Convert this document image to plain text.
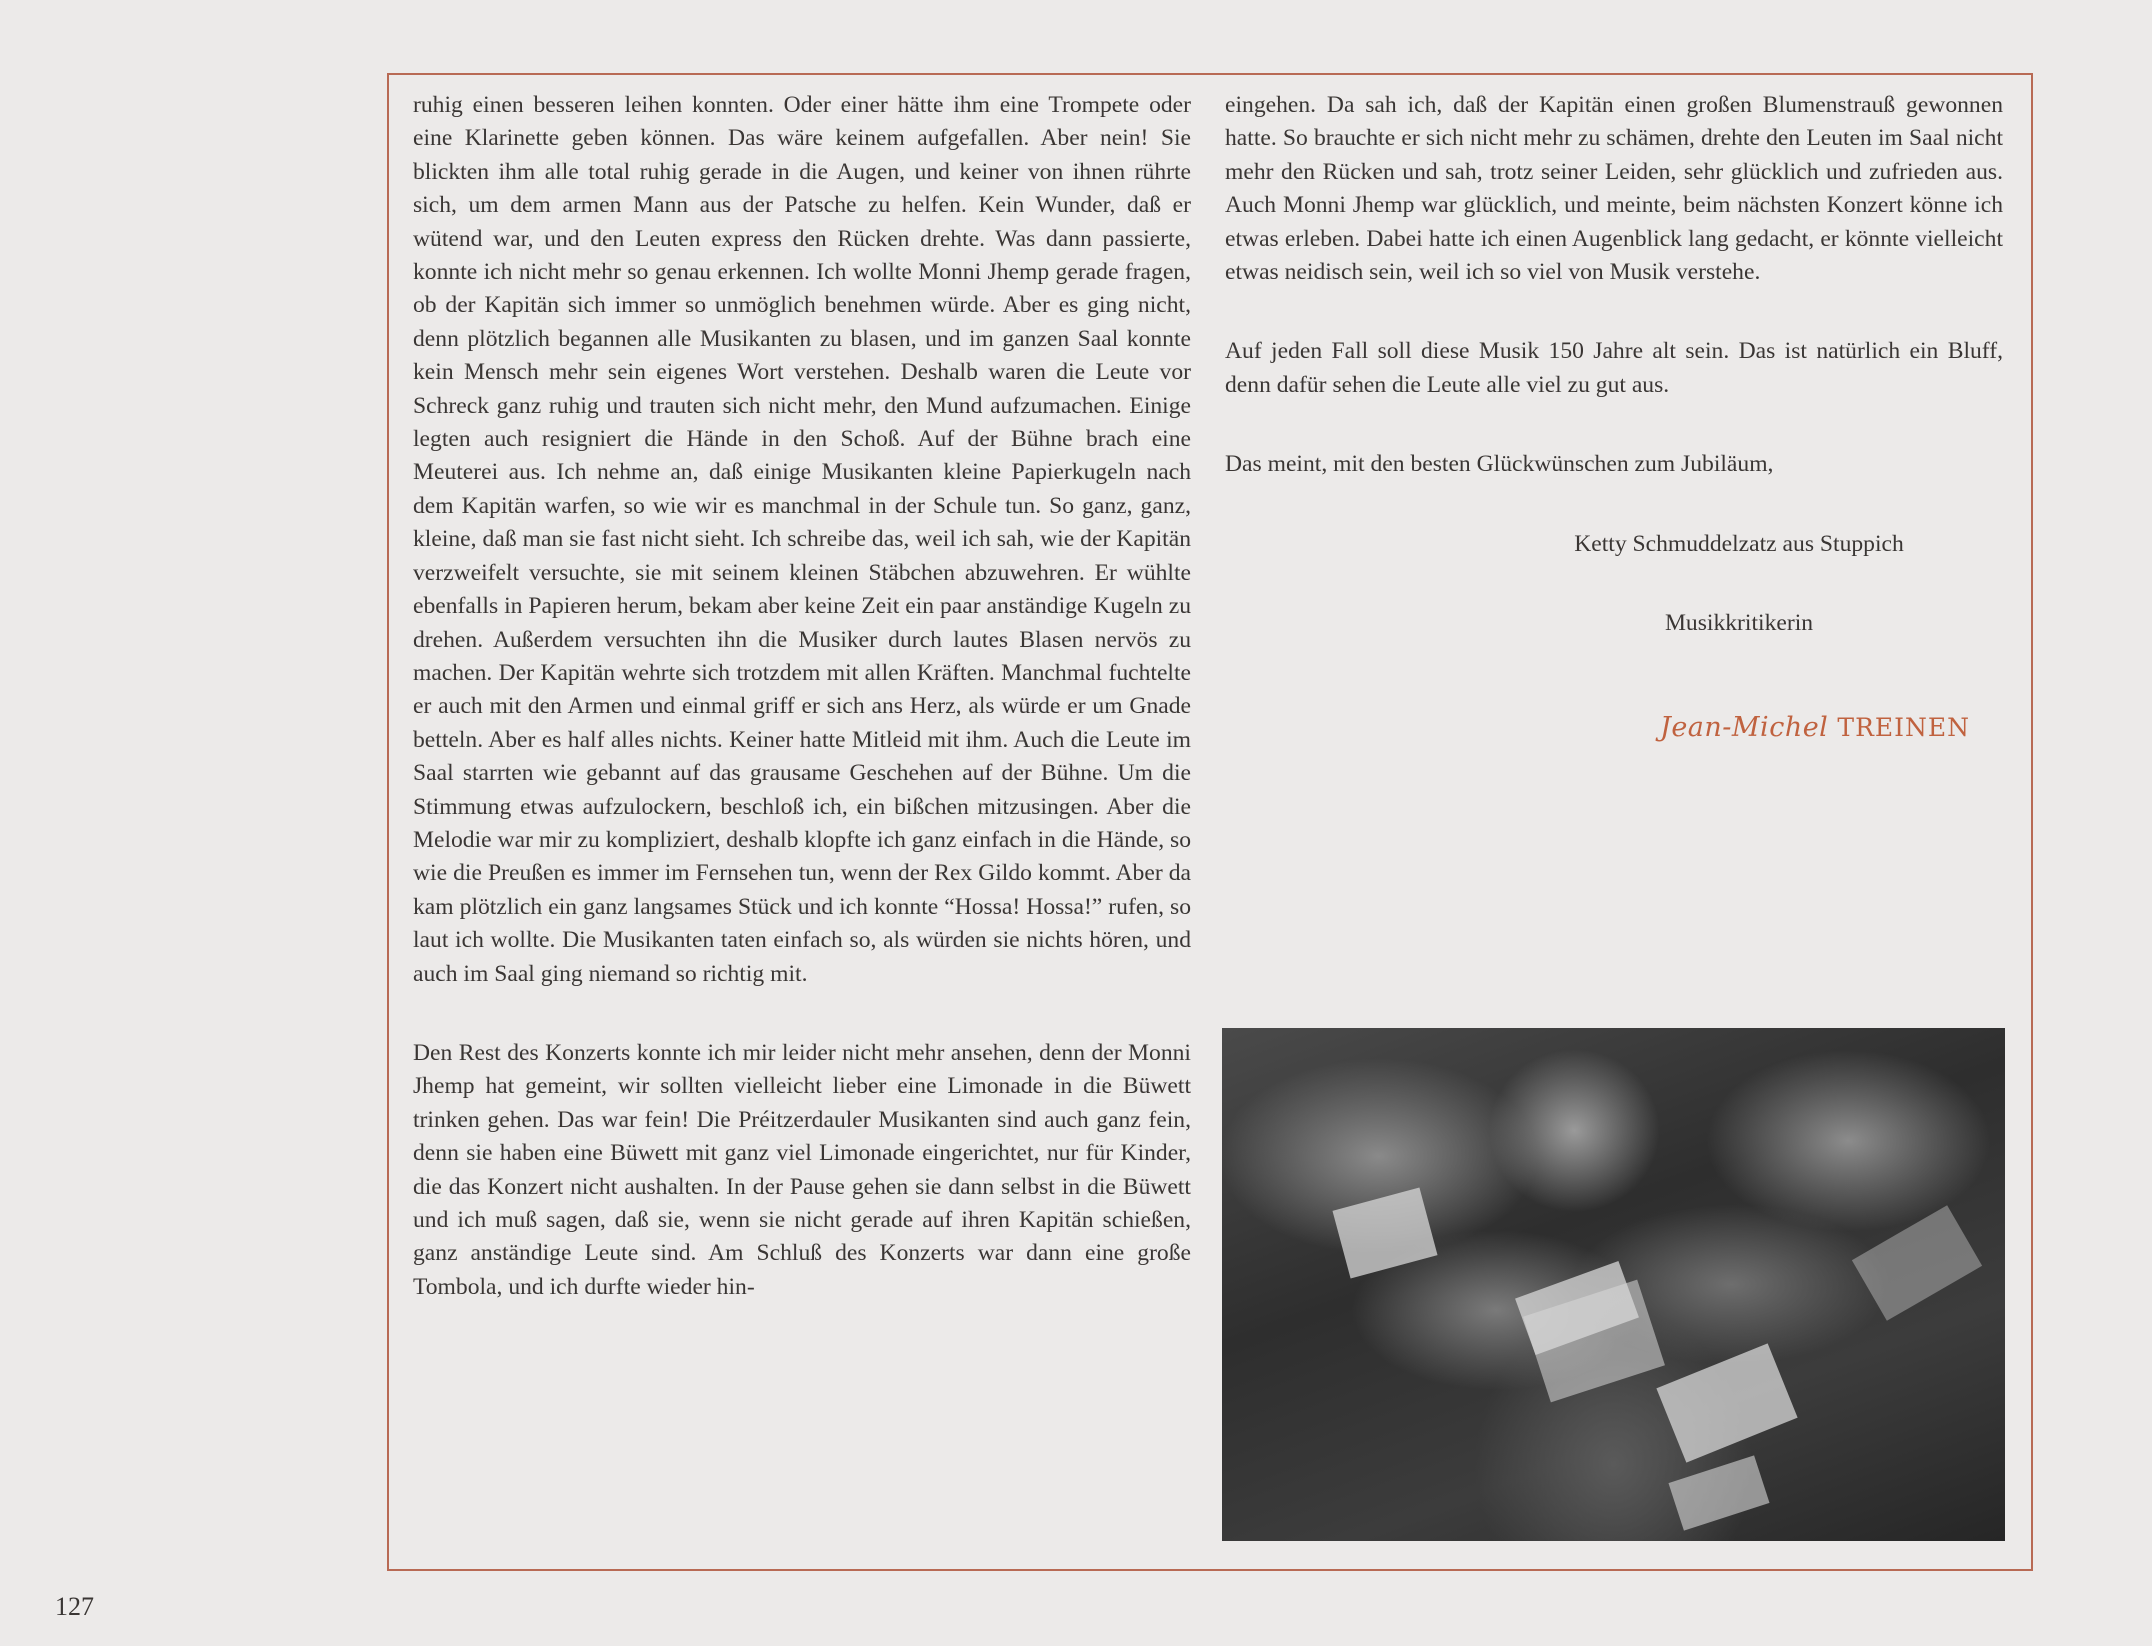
ruhig einen besseren leihen konnten. Oder einer hätte ihm eine Trompete oder eine Klarinette geben können. Das wäre keinem aufgefallen. Aber nein! Sie blickten ihm alle total ruhig gerade in die Augen, und keiner von ihnen rührte sich, um dem armen Mann aus der Patsche zu helfen. Kein Wunder, daß er wütend war, und den Leuten express den Rücken drehte. Was dann passierte, konnte ich nicht mehr so genau erkennen. Ich wollte Monni Jhemp gerade fragen, ob der Kapitän sich immer so unmöglich benehmen würde. Aber es ging nicht, denn plötzlich begannen alle Musikanten zu blasen, und im ganzen Saal konnte kein Mensch mehr sein eigenes Wort verstehen. Deshalb waren die Leute vor Schreck ganz ruhig und trauten sich nicht mehr, den Mund aufzumachen. Einige legten auch resigniert die Hände in den Schoß. Auf der Bühne brach eine Meuterei aus. Ich nehme an, daß einige Musikanten kleine Papierkugeln nach dem Kapitän warfen, so wie wir es manchmal in der Schule tun. So ganz, ganz, kleine, daß man sie fast nicht sieht. Ich schreibe das, weil ich sah, wie der Kapitän verzweifelt versuchte, sie mit seinem kleinen Stäbchen abzuwehren. Er wühlte ebenfalls in Papieren herum, bekam aber keine Zeit ein paar anständige Kugeln zu drehen. Außerdem versuchten ihn die Musiker durch lautes Blasen nervös zu machen. Der Kapitän wehrte sich trotzdem mit allen Kräften. Manchmal fuchtelte er auch mit den Armen und einmal griff er sich ans Herz, als würde er um Gnade betteln. Aber es half alles nichts. Keiner hatte Mitleid mit ihm. Auch die Leute im Saal starrten wie gebannt auf das grausame Geschehen auf der Bühne. Um die Stimmung etwas aufzulockern, beschloß ich, ein bißchen mitzusingen. Aber die Melodie war mir zu kompliziert, deshalb klopfte ich ganz einfach in die Hände, so wie die Preußen es immer im Fernsehen tun, wenn der Rex Gildo kommt. Aber da kam plötzlich ein ganz langsames Stück und ich konnte “Hossa! Hossa!” rufen, so laut ich wollte. Die Musikanten taten einfach so, als würden sie nichts hören, und auch im Saal ging niemand so richtig mit.

Den Rest des Konzerts konnte ich mir leider nicht mehr ansehen, denn der Monni Jhemp hat gemeint, wir sollten vielleicht lieber eine Limonade in die Büwett trinken gehen. Das war fein! Die Préitzerdauler Musikanten sind auch ganz fein, denn sie haben eine Büwett mit ganz viel Limonade eingerichtet, nur für Kinder, die das Konzert nicht aushalten. In der Pause gehen sie dann selbst in die Büwett und ich muß sagen, daß sie, wenn sie nicht gerade auf ihren Kapitän schießen, ganz anständige Leute sind. Am Schluß des Konzerts war dann eine große Tombola, und ich durfte wieder hin-

eingehen. Da sah ich, daß der Kapitän einen großen Blumenstrauß gewonnen hatte. So brauchte er sich nicht mehr zu schämen, drehte den Leuten im Saal nicht mehr den Rücken und sah, trotz seiner Leiden, sehr glücklich und zufrieden aus. Auch Monni Jhemp war glücklich, und meinte, beim nächsten Konzert könne ich etwas erleben. Dabei hatte ich einen Augenblick lang gedacht, er könnte vielleicht etwas neidisch sein, weil ich so viel von Musik verstehe.

Auf jeden Fall soll diese Musik 150 Jahre alt sein. Das ist natürlich ein Bluff, denn dafür sehen die Leute alle viel zu gut aus.

Das meint, mit den besten Glückwünschen zum Jubiläum,

Ketty Schmuddelzatz aus Stuppich

Musikkritikerin

Jean-Michel TREINEN
127
